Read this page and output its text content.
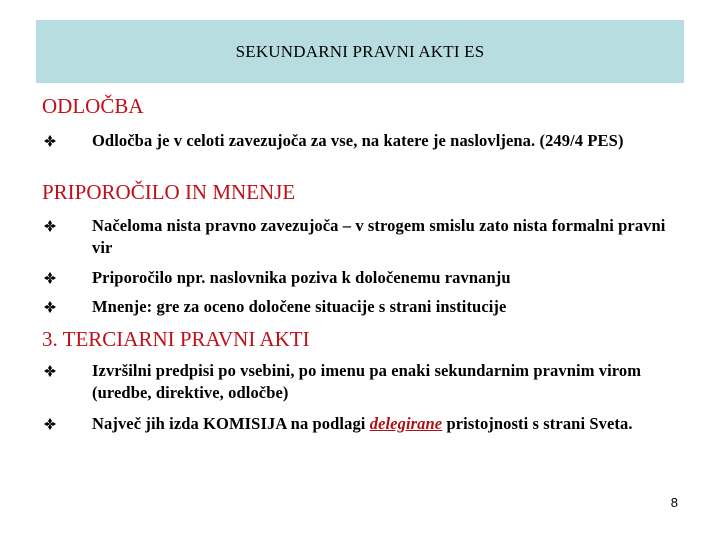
SEKUNDARNI PRAVNI AKTI ES
ODLOČBA
Odločba je v celoti zavezujoča za vse, na katere je naslovljena. (249/4 PES)
PRIPOROČILO IN MNENJE
Načeloma nista pravno zavezujoča – v strogem smislu zato nista formalni pravni vir
Priporočilo npr. naslovnika poziva k določenemu ravnanju
Mnenje: gre za oceno določene situacije s strani institucije
3. TERCIARNI PRAVNI AKTI
Izvršilni predpisi po vsebini, po imenu pa enaki sekundarnim pravnim virom (uredbe, direktive, odločbe)
Največ jih izda KOMISIJA na podlagi delegirane pristojnosti s strani Sveta.
8
